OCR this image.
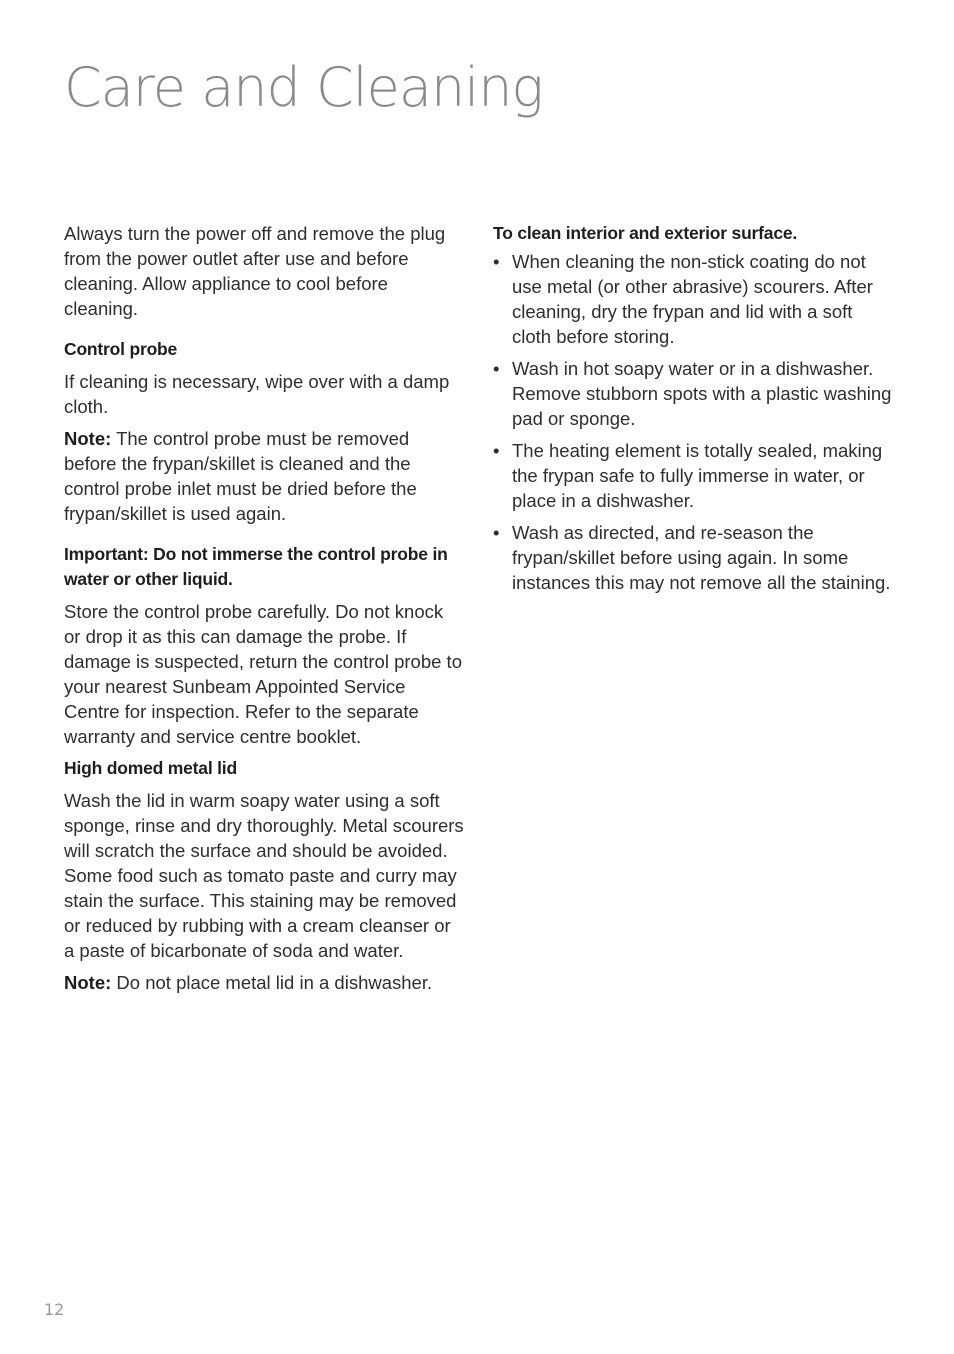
Care and Cleaning

Always turn the power off and remove the plug from the power outlet after use and before cleaning. Allow appliance to cool before cleaning.

Control probe

If cleaning is necessary, wipe over with a damp cloth.

Note: The control probe must be removed before the frypan/skillet is cleaned and the control probe inlet must be dried before the frypan/skillet is used again.

Important: Do not immerse the control probe in water or other liquid.

Store the control probe carefully. Do not knock or drop it as this can damage the probe. If damage is suspected, return the control probe to your nearest Sunbeam Appointed Service Centre for inspection. Refer to the separate warranty and service centre booklet.

High domed metal lid

Wash the lid in warm soapy water using a soft sponge, rinse and dry thoroughly. Metal scourers will scratch the surface and should be avoided. Some food such as tomato paste and curry may stain the surface. This staining may be removed or reduced by rubbing with a cream cleanser or a paste of bicarbonate of soda and water.

Note: Do not place metal lid in a dishwasher.

To clean interior and exterior surface.

• When cleaning the non-stick coating do not use metal (or other abrasive) scourers. After cleaning, dry the frypan and lid with a soft cloth before storing.
• Wash in hot soapy water or in a dishwasher. Remove stubborn spots with a plastic washing pad or sponge.
• The heating element is totally sealed, making the frypan safe to fully immerse in water, or place in a dishwasher.
• Wash as directed, and re-season the frypan/skillet before using again. In some instances this may not remove all the staining.
12
